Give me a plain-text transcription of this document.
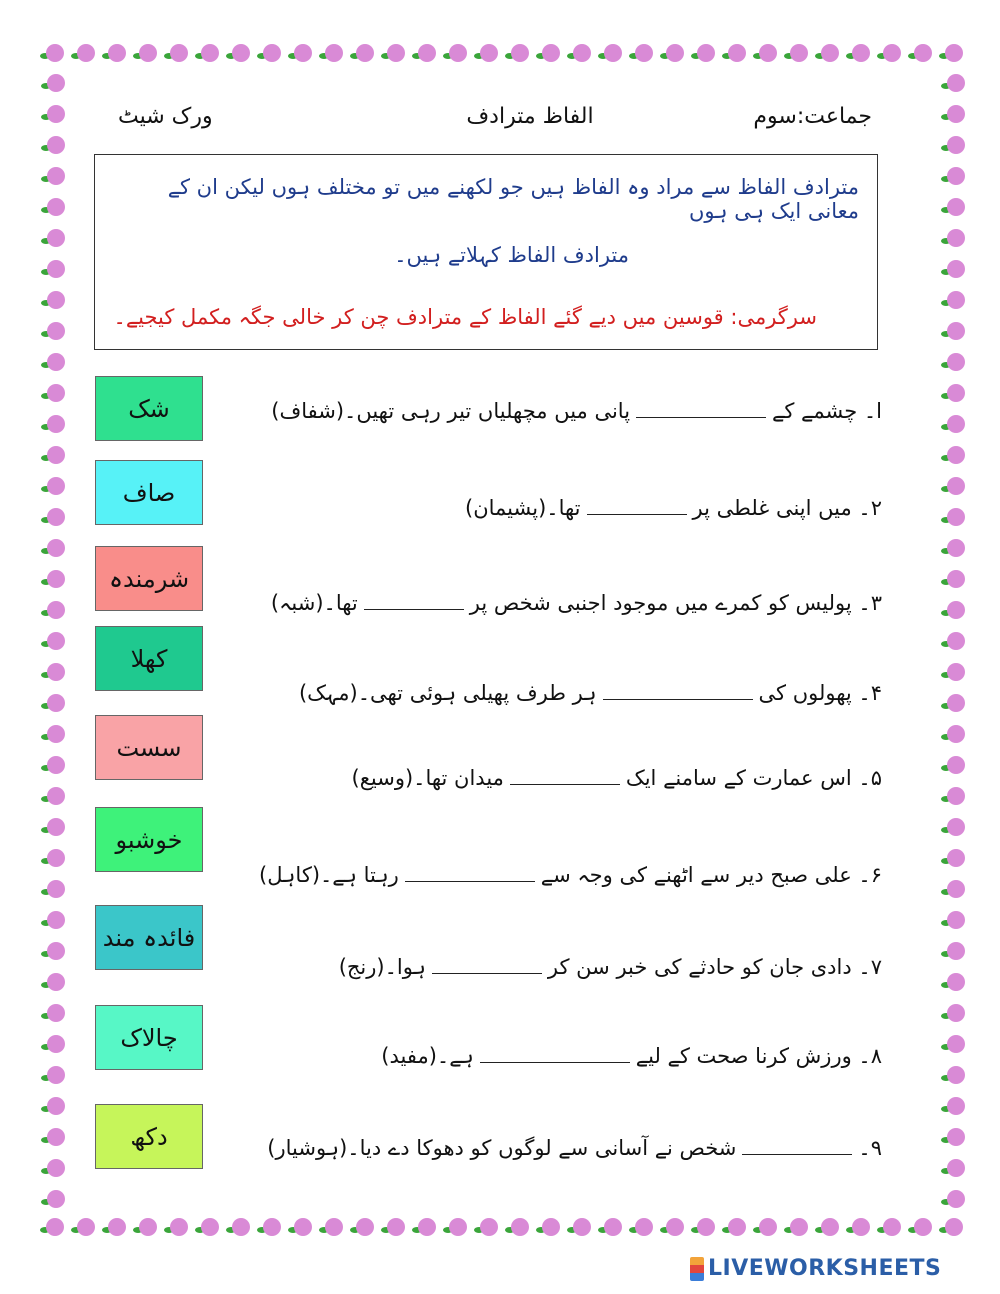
جماعت:سوم
الفاظ مترادف
ورک شیٹ
مترادف الفاظ سے مراد وہ الفاظ ہیں جو لکھنے میں تو مختلف ہوں لیکن ان کے معانی ایک ہی ہوں
مترادف الفاظ کہلاتے ہیں۔
سرگرمی: قوسین میں دیے گئے الفاظ کے مترادف چن کر خالی جگہ مکمل کیجیے۔
شک
صاف
شرمندہ
کھلا
سست
خوشبو
فائدہ مند
چالاک
دکھ
ا۔ چشمے کےپانی میں مچھلیاں تیر رہی تھیں۔(شفاف)
۲۔ میں اپنی غلطی پرتھا۔(پشیمان)
۳۔ پولیس کو کمرے میں موجود اجنبی شخص پرتھا۔(شبہ)
۴۔ پھولوں کیہر طرف پھیلی ہوئی تھی۔(مہک)
۵۔ اس عمارت کے سامنے ایکمیدان تھا۔(وسیع)
۶۔ علی صبح دیر سے اٹھنے کی وجہ سےرہتا ہے۔(کاہل)
۷۔ دادی جان کو حادثے کی خبر سن کرہوا۔(رنج)
۸۔ ورزش کرنا صحت کے لیےہے۔(مفید)
۹۔شخص نے آسانی سے لوگوں کو دھوکا دے دیا۔(ہوشیار)
LIVEWORKSHEETS
